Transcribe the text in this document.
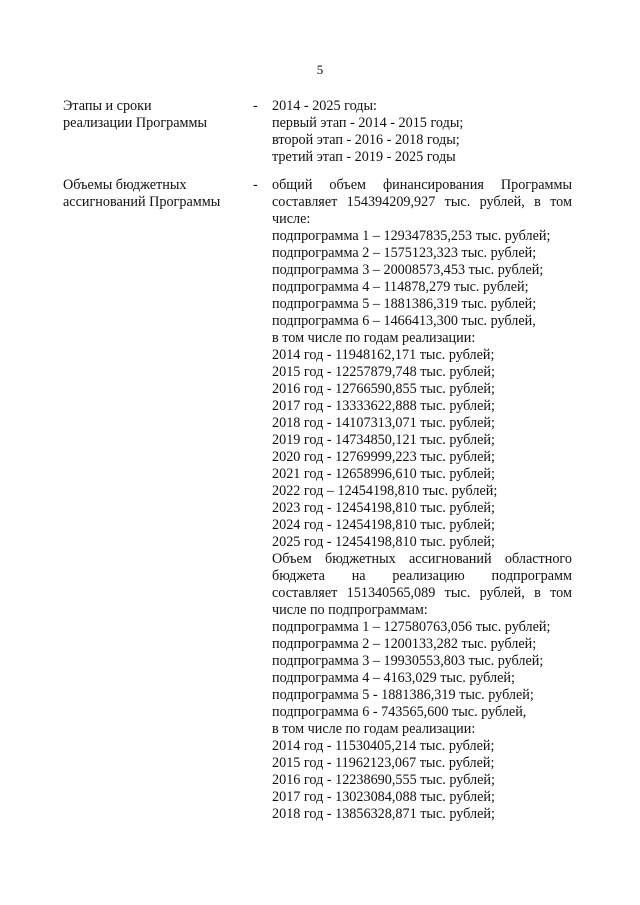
5
Этапы и сроки
реализации Программы
- 2014 - 2025 годы:
первый этап - 2014 - 2015 годы;
второй этап - 2016 - 2018 годы;
третий этап - 2019 - 2025 годы
Объемы бюджетных
ассигнований Программы
- общий объем финансирования Программы
составляет 154394209,927 тыс. рублей, в том
числе:
подпрограмма 1 – 129347835,253 тыс. рублей;
подпрограмма 2 – 1575123,323 тыс. рублей;
подпрограмма 3 – 20008573,453 тыс. рублей;
подпрограмма 4 – 114878,279 тыс. рублей;
подпрограмма 5 – 1881386,319 тыс. рублей;
подпрограмма 6 – 1466413,300 тыс. рублей,
в том числе по годам реализации:
2014 год - 11948162,171 тыс. рублей;
2015 год - 12257879,748 тыс. рублей;
2016 год - 12766590,855 тыс. рублей;
2017 год - 13333622,888 тыс. рублей;
2018 год - 14107313,071 тыс. рублей;
2019 год - 14734850,121 тыс. рублей;
2020 год - 12769999,223 тыс. рублей;
2021 год - 12658996,610 тыс. рублей;
2022 год – 12454198,810 тыс. рублей;
2023 год - 12454198,810 тыс. рублей;
2024 год - 12454198,810 тыс. рублей;
2025 год - 12454198,810 тыс. рублей;
Объем бюджетных ассигнований областного
бюджета на реализацию подпрограмм
составляет 151340565,089 тыс. рублей, в том
числе по подпрограммам:
подпрограмма 1 – 127580763,056 тыс. рублей;
подпрограмма 2 – 1200133,282 тыс. рублей;
подпрограмма 3 – 19930553,803 тыс. рублей;
подпрограмма 4 – 4163,029 тыс. рублей;
подпрограмма 5 - 1881386,319 тыс. рублей;
подпрограмма 6 - 743565,600 тыс. рублей,
в том числе по годам реализации:
2014 год - 11530405,214 тыс. рублей;
2015 год - 11962123,067 тыс. рублей;
2016 год - 12238690,555 тыс. рублей;
2017 год - 13023084,088 тыс. рублей;
2018 год - 13856328,871 тыс. рублей;
